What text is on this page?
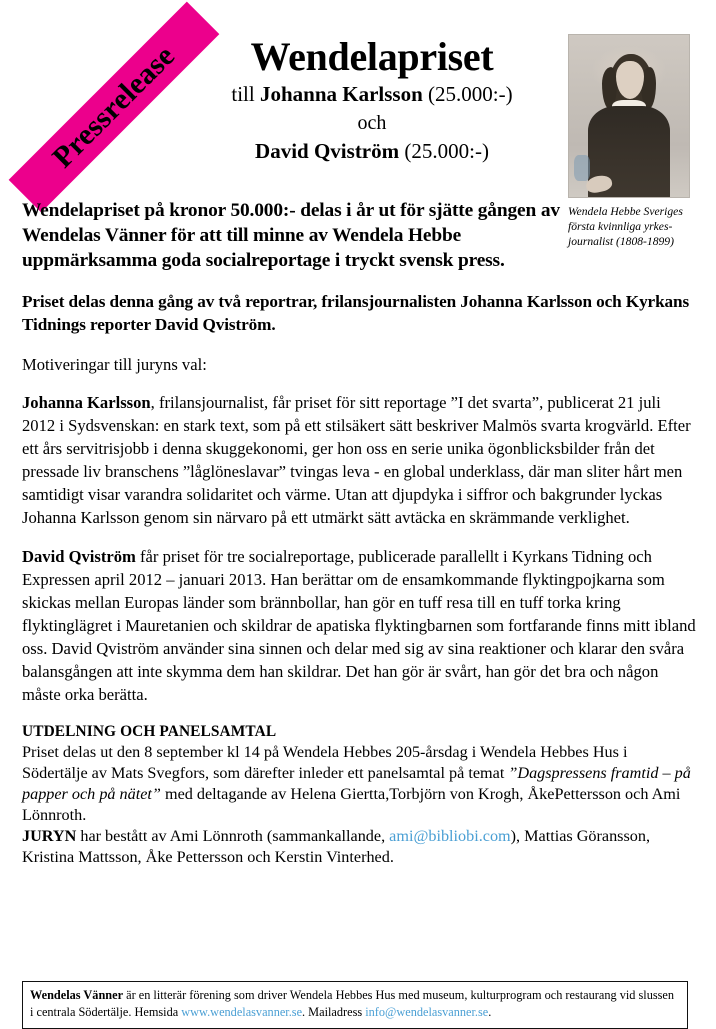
Pressrelease	Wendelapriset

till Johanna Karlsson (25.000:-)

och

David Qviström (25.000:-)

Wendela Hebbe Sveriges första kvinnliga yrkes-journalist (1808-1899)

Wendelapriset på kronor 50.000:- delas i år ut för sjätte gången av Wendelas Vänner för att till minne av Wendela Hebbe uppmärksamma goda socialreportage i tryckt svensk press.

Priset delas denna gång av två reportrar, frilansjournalisten Johanna Karlsson och Kyrkans Tidnings reporter David Qviström.

Motiveringar till juryns val:

Johanna Karlsson, frilansjournalist, får priset för sitt reportage ”I det svarta”, publicerat 21 juli 2012 i Sydsvenskan: en stark text, som på ett stilsäkert sätt beskriver Malmös svarta krogvärld. Efter ett års servitrisjobb i denna skuggekonomi, ger hon oss en serie unika ögonblicksbilder från det pressade liv branschens ”låglöneslavar” tvingas leva - en global underklass, där man sliter hårt men samtidigt visar varandra solidaritet och värme. Utan att djupdyka i siffror och bakgrunder lyckas Johanna Karlsson genom sin närvaro på ett utmärkt sätt avtäcka en skrämmande verklighet.

David Qviström får priset för tre socialreportage, publicerade parallellt i Kyrkans Tidning och Expressen april 2012 – januari 2013. Han berättar om de ensamkommande flyktingpojkarna som skickas mellan Europas länder som brännbollar, han gör en tuff resa till en tuff torka kring flyktinglägret i Mauretanien och skildrar de apatiska flyktingbarnen som fortfarande finns mitt ibland oss. David Qviström använder sina sinnen och delar med sig av sina reaktioner och klarar den svåra balansgången att inte skymma dem han skildrar. Det han gör är svårt, han gör det bra och någon måste orka berätta.

UTDELNING OCH PANELSAMTAL

Priset delas ut den 8 september kl 14 på Wendela Hebbes 205-årsdag i Wendela Hebbes Hus i Södertälje av Mats Svegfors, som därefter inleder ett panelsamtal på temat ”Dagspressens framtid – på papper och på nätet” med deltagande av Helena Giertta,Torbjörn von Krogh, ÅkePettersson och Ami Lönnroth.
JURYN har bestått av Ami Lönnroth (sammankallande, ami@bibliobi.com), Mattias Göransson, Kristina Mattsson, Åke Pettersson och Kerstin Vinterhed.

Wendelas Vänner är en litterär förening som driver Wendela Hebbes Hus med museum, kulturprogram och restaurang vid slussen i centrala Södertälje. Hemsida www.wendelasvanner.se. Mailadress info@wendelasvanner.se.
